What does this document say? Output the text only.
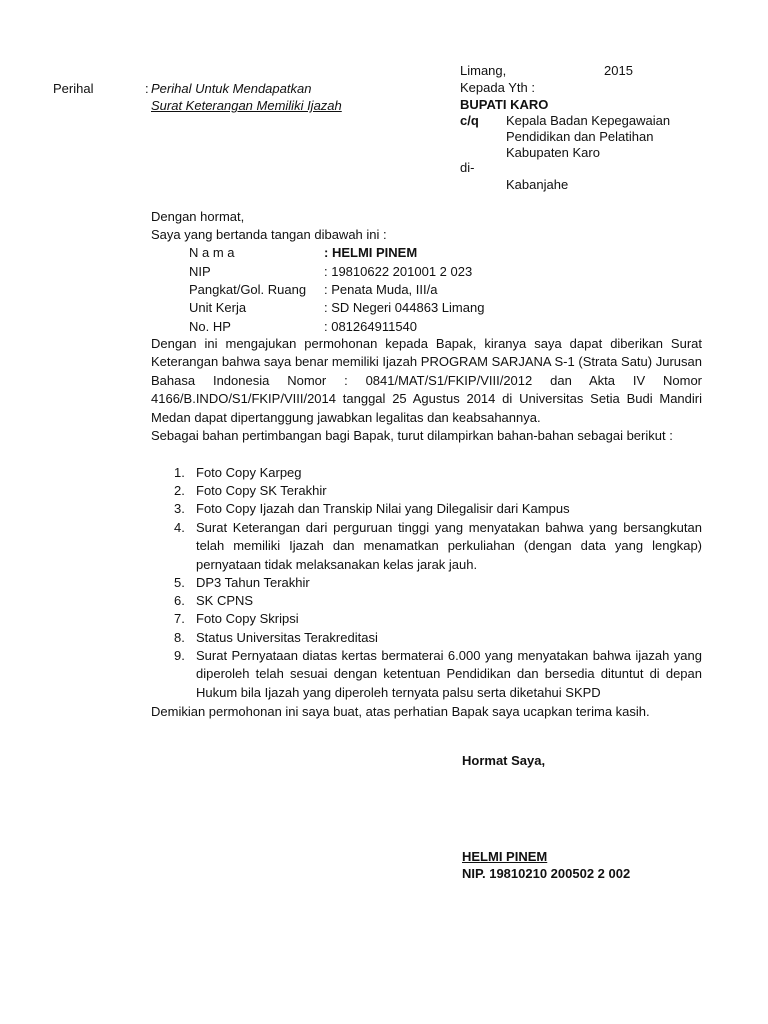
Limang,	2015
Kepada Yth :
BUPATI KARO
c/q Kepala Badan Kepegawaian
Pendidikan dan Pelatihan
Kabupaten Karo
di-
Kabanjahe
Perihal	: Perihal Untuk Mendapatkan
Surat Keterangan Memiliki Ijazah
Dengan hormat,
Saya yang bertanda tangan dibawah ini :
N a m a	: HELMI PINEM
NIP	: 19810622 201001 2 023
Pangkat/Gol. Ruang : Penata Muda, III/a
Unit Kerja	: SD Negeri 044863 Limang
No. HP	: 081264911540
Dengan ini mengajukan permohonan kepada Bapak, kiranya saya dapat diberikan Surat Keterangan bahwa saya benar memiliki Ijazah PROGRAM SARJANA S-1 (Strata Satu) Jurusan Bahasa Indonesia Nomor : 0841/MAT/S1/FKIP/VIII/2012 dan Akta IV Nomor 4166/B.INDO/S1/FKIP/VIII/2014 tanggal 25 Agustus 2014 di Universitas Setia Budi Mandiri Medan dapat dipertanggung jawabkan legalitas dan keabsahannya.
Sebagai bahan pertimbangan bagi Bapak, turut dilampirkan bahan-bahan sebagai berikut :
1. Foto Copy Karpeg
2. Foto Copy SK Terakhir
3. Foto Copy Ijazah dan Transkip Nilai yang Dilegalisir dari Kampus
4. Surat Keterangan dari perguruan tinggi yang menyatakan bahwa yang bersangkutan telah memiliki Ijazah dan menamatkan perkuliahan (dengan data yang lengkap) pernyataan tidak melaksanakan kelas jarak jauh.
5. DP3 Tahun Terakhir
6. SK CPNS
7. Foto Copy Skripsi
8. Status Universitas Terakreditasi
9. Surat Pernyataan diatas kertas bermaterai 6.000 yang menyatakan bahwa ijazah yang diperoleh telah sesuai dengan ketentuan Pendidikan dan bersedia dituntut di depan Hukum bila Ijazah yang diperoleh ternyata palsu serta diketahui SKPD
Demikian permohonan ini saya buat, atas perhatian Bapak saya ucapkan terima kasih.
Hormat Saya,
HELMI PINEM
NIP. 19810210 200502 2 002
